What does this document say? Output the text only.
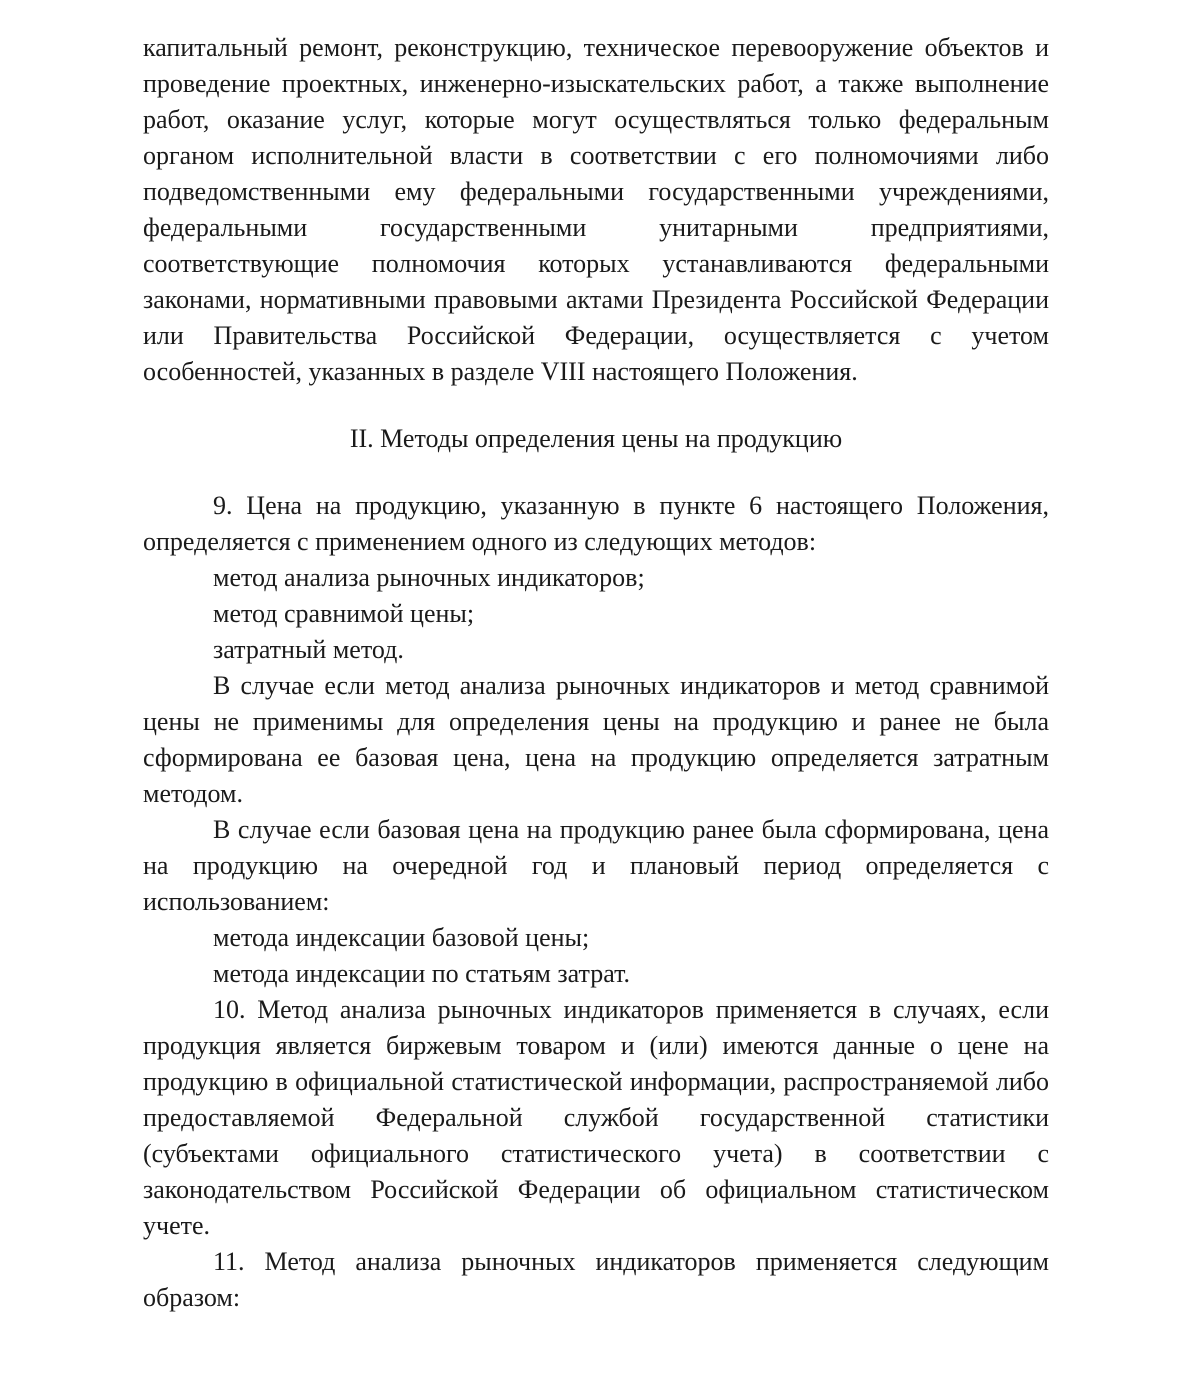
капитальный ремонт, реконструкцию, техническое перевооружение объектов и проведение проектных, инженерно-изыскательских работ, а также выполнение работ, оказание услуг, которые могут осуществляться только федеральным органом исполнительной власти в соответствии с его полномочиями либо подведомственными ему федеральными государственными учреждениями, федеральными государственными унитарными предприятиями, соответствующие полномочия которых устанавливаются федеральными законами, нормативными правовыми актами Президента Российской Федерации или Правительства Российской Федерации, осуществляется с учетом особенностей, указанных в разделе VIII настоящего Положения.

II. Методы определения цены на продукцию

9. Цена на продукцию, указанную в пункте 6 настоящего Положения, определяется с применением одного из следующих методов:

метод анализа рыночных индикаторов;

метод сравнимой цены;

затратный метод.

В случае если метод анализа рыночных индикаторов и метод сравнимой цены не применимы для определения цены на продукцию и ранее не была сформирована ее базовая цена, цена на продукцию определяется затратным методом.

В случае если базовая цена на продукцию ранее была сформирована, цена на продукцию на очередной год и плановый период определяется с использованием:

метода индексации базовой цены;

метода индексации по статьям затрат.

10. Метод анализа рыночных индикаторов применяется в случаях, если продукция является биржевым товаром и (или) имеются данные о цене на продукцию в официальной статистической информации, распространяемой либо предоставляемой Федеральной службой государственной статистики (субъектами официального статистического учета) в соответствии с законодательством Российской Федерации об официальном статистическом учете.

11. Метод анализа рыночных индикаторов применяется следующим образом:
